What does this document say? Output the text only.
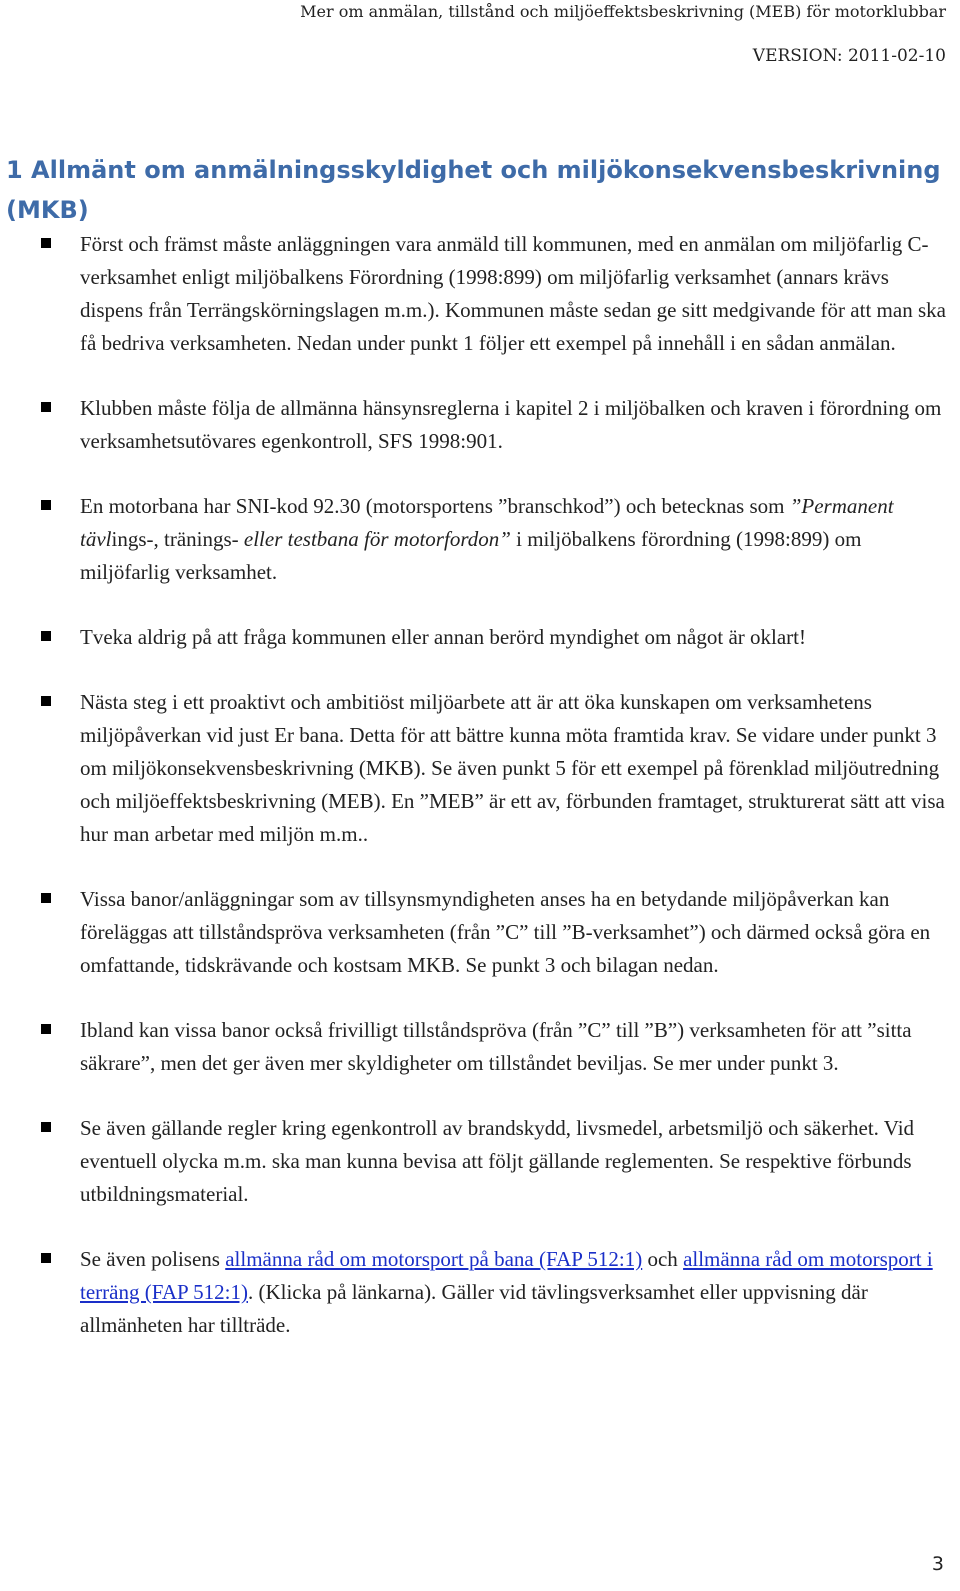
Mer om anmälan, tillstånd och miljöeffektsbeskrivning (MEB) för motorklubbar
VERSION: 2011-02-10
1 Allmänt om anmälningsskyldighet och miljökonsekvensbeskrivning (MKB)
Först och främst måste anläggningen vara anmäld till kommunen, med en anmälan om miljöfarlig C-verksamhet enligt miljöbalkens Förordning (1998:899) om miljöfarlig verksamhet (annars krävs dispens från Terrängskörningslagen m.m.). Kommunen måste sedan ge sitt medgivande för att man ska få bedriva verksamheten. Nedan under punkt 1 följer ett exempel på innehåll i en sådan anmälan.
Klubben måste följa de allmänna hänsynsreglerna i kapitel 2 i miljöbalken och kraven i förordning om verksamhetsutövares egenkontroll, SFS 1998:901.
En motorbana har SNI-kod 92.30 (motorsportens ”branschkod”) och betecknas som ”Permanent tävlings-, tränings- eller testbana för motorfordon” i miljöbalkens förordning (1998:899) om miljöfarlig verksamhet.
Tveka aldrig på att fråga kommunen eller annan berörd myndighet om något är oklart!
Nästa steg i ett proaktivt och ambitiöst miljöarbete att är att öka kunskapen om verksamhetens miljöpåverkan vid just Er bana. Detta för att bättre kunna möta framtida krav. Se vidare under punkt 3 om miljökonsekvensbeskrivning (MKB). Se även punkt 5 för ett exempel på förenklad miljöutredning och miljöeffektsbeskrivning (MEB). En ”MEB” är ett av, förbunden framtaget, strukturerat sätt att visa hur man arbetar med miljön m.m..
Vissa banor/anläggningar som av tillsynsmyndigheten anses ha en betydande miljöpåverkan kan föreläggas att tillståndspröva verksamheten (från ”C” till ”B-verksamhet”) och därmed också göra en omfattande, tidskrävande och kostsam MKB. Se punkt 3 och bilagan nedan.
Ibland kan vissa banor också frivilligt tillståndspröva (från ”C” till ”B”) verksamheten för att ”sitta säkrare”, men det ger även mer skyldigheter om tillståndet beviljas. Se mer under punkt 3.
Se även gällande regler kring egenkontroll av brandskydd, livsmedel, arbetsmiljö och säkerhet. Vid eventuell olycka m.m. ska man kunna bevisa att följt gällande reglementen. Se respektive förbunds utbildningsmaterial.
Se även polisens allmänna råd om motorsport på bana (FAP 512:1) och allmänna råd om motorsport i terräng (FAP 512:1). (Klicka på länkarna). Gäller vid tävlingsverksamhet eller uppvisning där allmänheten har tillträde.
3
